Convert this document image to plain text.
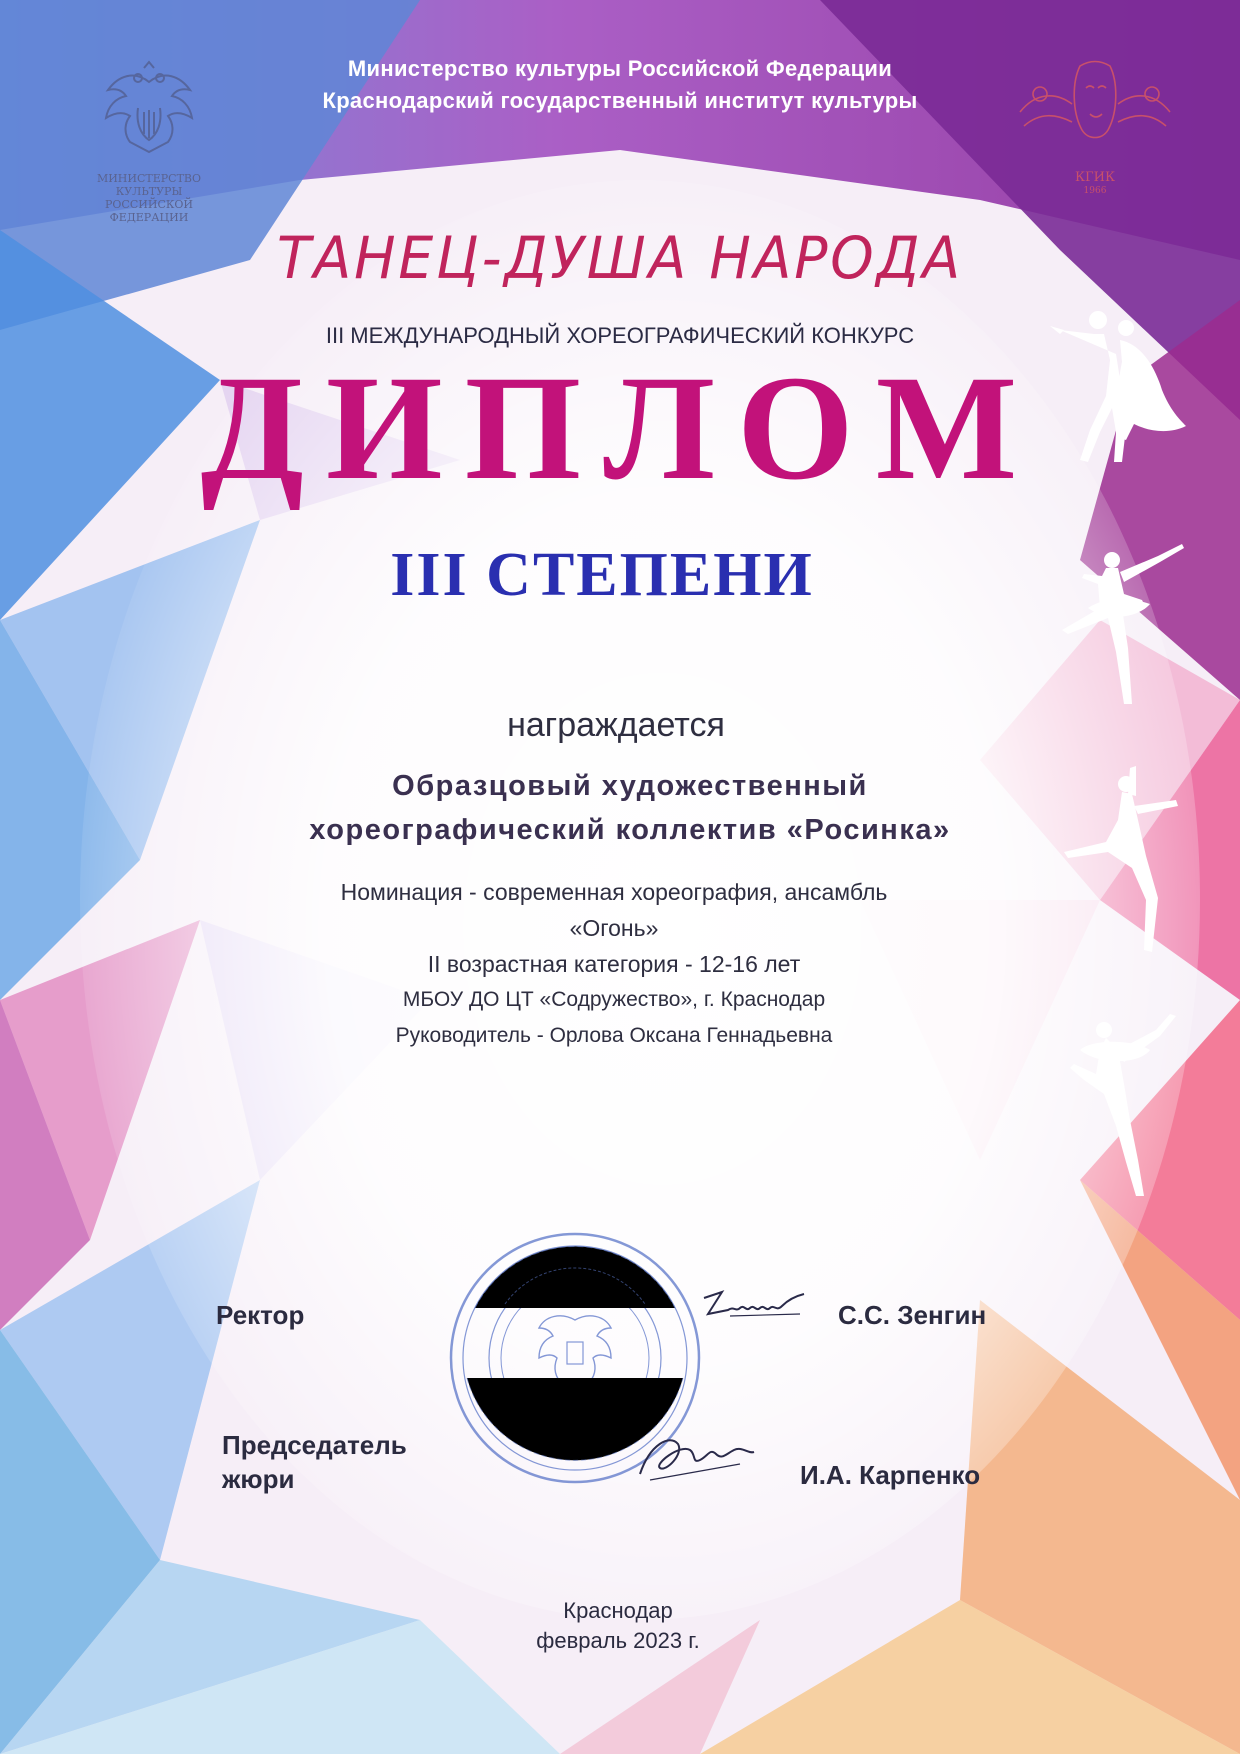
МИНИСТЕРСТВО КУЛЬТУРЫ
РОССИЙСКОЙ ФЕДЕРАЦИИ
Министерство культуры Российской Федерации
Краснодарский государственный институт культуры
КГИК
1966
ТАНЕЦ-ДУША НАРОДА
III МЕЖДУНАРОДНЫЙ ХОРЕОГРАФИЧЕСКИЙ КОНКУРС
ДИПЛОМ
III СТЕПЕНИ
награждается
Образцовый художественный
хореографический коллектив «Росинка»
Номинация - современная хореография, ансамбль
«Огонь»
II возрастная категория - 12-16 лет
МБОУ ДО ЦТ «Содружество», г. Краснодар
Руководитель - Орлова Оксана Геннадьевна
Ректор	С.С. Зенгин
Председатель
жюри	И.А. Карпенко
Краснодар
февраль 2023 г.
